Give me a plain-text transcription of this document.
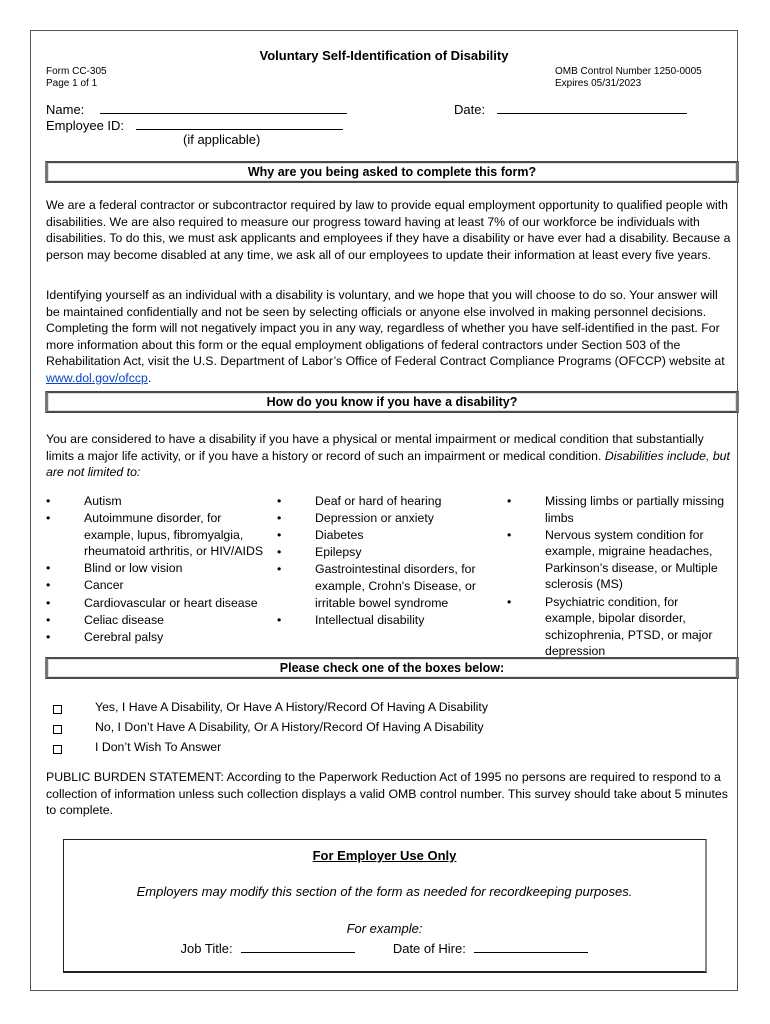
Voluntary Self-Identification of Disability
Form CC-305
Page 1 of 1
OMB Control Number 1250-0005
Expires 05/31/2023
Name:	Date:
Employee ID:
(if applicable)
Why are you being asked to complete this form?
We are a federal contractor or subcontractor required by law to provide equal employment opportunity to qualified people with disabilities. We are also required to measure our progress toward having at least 7% of our workforce be individuals with disabilities. To do this, we must ask applicants and employees if they have a disability or have ever had a disability. Because a person may become disabled at any time, we ask all of our employees to update their information at least every five years.
Identifying yourself as an individual with a disability is voluntary, and we hope that you will choose to do so. Your answer will be maintained confidentially and not be seen by selecting officials or anyone else involved in making personnel decisions. Completing the form will not negatively impact you in any way, regardless of whether you have self-identified in the past. For more information about this form or the equal employment obligations of federal contractors under Section 503 of the Rehabilitation Act, visit the U.S. Department of Labor’s Office of Federal Contract Compliance Programs (OFCCP) website at www.dol.gov/ofccp.
How do you know if you have a disability?
You are considered to have a disability if you have a physical or mental impairment or medical condition that substantially limits a major life activity, or if you have a history or record of such an impairment or medical condition. Disabilities include, but are not limited to:
•	Autism
•	Autoimmune disorder, for example, lupus, fibromyalgia, rheumatoid arthritis, or HIV/AIDS
•	Blind or low vision
•	Cancer
•	Cardiovascular or heart disease
•	Celiac disease
•	Cerebral palsy
•	Deaf or hard of hearing
•	Depression or anxiety
•	Diabetes
•	Epilepsy
•	Gastrointestinal disorders, for example, Crohn's Disease, or irritable bowel syndrome
•	Intellectual disability
•	Missing limbs or partially missing limbs
•	Nervous system condition for example, migraine headaches, Parkinson’s disease, or Multiple sclerosis (MS)
•	Psychiatric condition, for example, bipolar disorder, schizophrenia, PTSD, or major depression
Please check one of the boxes below:
Yes, I Have A Disability, Or Have A History/Record Of Having A Disability
No, I Don’t Have A Disability, Or A History/Record Of Having A Disability
I Don’t Wish To Answer
PUBLIC BURDEN STATEMENT: According to the Paperwork Reduction Act of 1995 no persons are required to respond to a collection of information unless such collection displays a valid OMB control number. This survey should take about 5 minutes to complete.
For Employer Use Only
Employers may modify this section of the form as needed for recordkeeping purposes.
For example:
Job Title:	Date of Hire:
